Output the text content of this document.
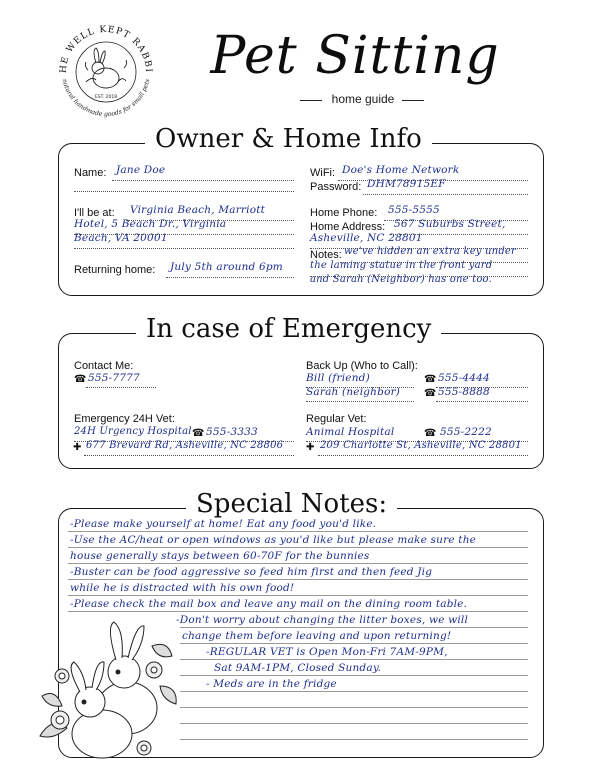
HE WELL KEPT RABBI
natural handmade goods for small pets
EST. 2018
Pet Sitting
home guide
Owner & Home Info
Name: Jane Doe
I'll be at: Virginia Beach, Marriott
Hotel, 5 Beach Dr., Virginia
Beach, VA 20001
Returning home: July 5th around 6pm
WiFi: Doe's Home Network
Password: DHM78915EF
Home Phone: 555-5555
Home Address: 567 Suburbs Street,
Asheville, NC 28801
Notes: we've hidden an extra key under
the laming statue in the front yard
and Sarah (Neighbor) has one too.
In case of Emergency
Contact Me:
☎ 555-7777
Back Up (Who to Call):
Bill (friend)	☎ 555-4444
Sarah (neighbor) ☎ 555-8888
Emergency 24H Vet:
24H Urgency Hospital ☎ 555-3333
✚ 677 Brevard Rd, Asheville, NC 28806
Regular Vet:
Animal Hospital	☎ 555-2222
✚ 209 Charlotte St, Asheville, NC 28801
Special Notes:
-Please make yourself at home! Eat any food you'd like.
-Use the AC/heat or open windows as you'd like but please make sure the
house generally stays between 60-70F for the bunnies
-Buster can be food aggressive so feed him first and then feed Jig
while he is distracted with his own food!
-Please check the mail box and leave any mail on the dining room table.
-Don't worry about changing the litter boxes, we will
change them before leaving and upon returning!
-REGULAR VET is Open Mon-Fri 7AM-9PM,
Sat 9AM-1PM, Closed Sunday.
- Meds are in the fridge
